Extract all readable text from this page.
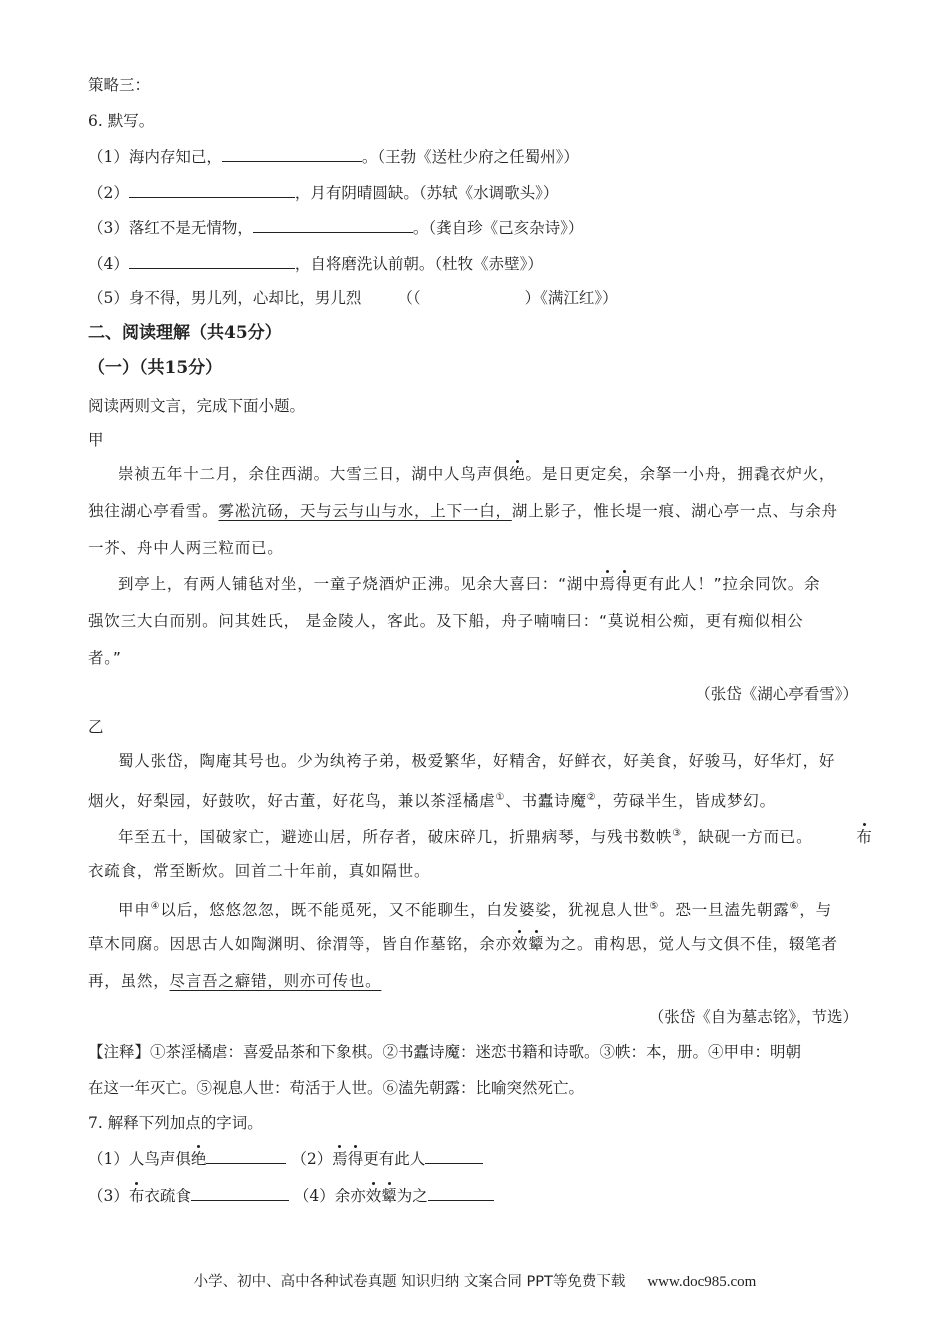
策略三：
6. 默写。
（1）海内存知己，	。（王勃《送杜少府之任蜀州》）
（2）	，月有阴晴圆缺。（苏轼《水调歌头》）
（3）落红不是无情物，	。（龚自珍《己亥杂诗》）
（4）	，自将磨洗认前朝。（杜牧《赤壁》）
（5）身不得，男儿列，心却比，男儿烈 （（	）《满江红》）
二、阅读理解（共45分）
（一）（共15分）
阅读两则文言，完成下面小题。
甲
崇祯五年十二月，余住西湖。大雪三日，湖中人鸟声俱绝。是日更定矣，余拏一小舟，拥毳衣炉火，
独往湖心亭看雪。雾凇沆砀，天与云与山与水，上下一白，湖上影子，惟长堤一痕、湖心亭一点、与余舟
一芥、舟中人两三粒而已。
到亭上，有两人铺毡对坐，一童子烧酒炉正沸。见余大喜曰：“湖中焉得更有此人！”拉余同饮。余
强饮三大白而别。问其姓氏， 是金陵人，客此。及下船，舟子喃喃曰：“莫说相公痴，更有痴似相公
者。”
（张岱《湖心亭看雪》）
乙
蜀人张岱，陶庵其号也。少为纨袴子弟，极爱繁华，好精舍，好鲜衣，好美食，好骏马，好华灯，好
烟火，好梨园，好鼓吹，好古董，好花鸟，兼以茶淫橘虐①、书蠹诗魔②，劳碌半生，皆成梦幻。
年至五十，国破家亡，避迹山居，所存者，破床碎几，折鼎病琴，与残书数帙③，缺砚一方而已。	布
衣疏食，常至断炊。回首二十年前，真如隔世。
甲申④以后，悠悠忽忽，既不能觅死，又不能聊生，白发婆娑，犹视息人世⑤。恐一旦溘先朝露⑥，与
草木同腐。因思古人如陶渊明、徐渭等，皆自作墓铭，余亦效颦为之。甫构思，觉人与文俱不佳，辍笔者
再，虽然，尽言吾之癖错，则亦可传也。
（张岱《自为墓志铭》，节选）
【注释】①茶淫橘虐：喜爱品茶和下象棋。②书蠹诗魔：迷恋书籍和诗歌。③帙：本，册。④甲申：明朝
在这一年灭亡。⑤视息人世：苟活于人世。⑥溘先朝露：比喻突然死亡。
7. 解释下列加点的字词。
（1）人鸟声俱绝	（2）焉得更有此人
（3）布衣疏食	（4）余亦效颦为之
小学、初中、高中各种试卷真题 知识归纳 文案合同 PPT等免费下载 www.doc985.com
